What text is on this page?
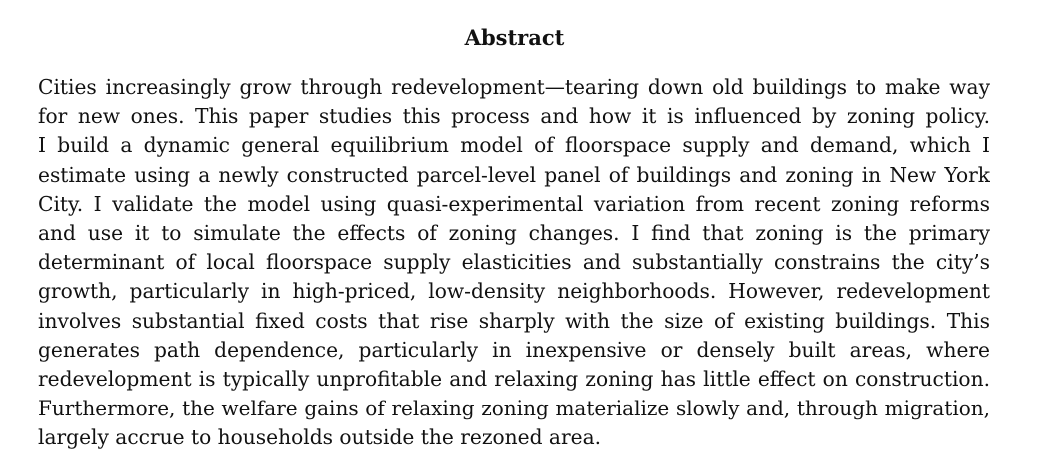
Abstract
Cities increasingly grow through redevelopment—tearing down old buildings to make way
for new ones. This paper studies this process and how it is influenced by zoning policy.
I build a dynamic general equilibrium model of floorspace supply and demand, which I
estimate using a newly constructed parcel-level panel of buildings and zoning in New York
City. I validate the model using quasi-experimental variation from recent zoning reforms
and use it to simulate the effects of zoning changes. I find that zoning is the primary
determinant of local floorspace supply elasticities and substantially constrains the city’s
growth, particularly in high-priced, low-density neighborhoods. However, redevelopment
involves substantial fixed costs that rise sharply with the size of existing buildings. This
generates path dependence, particularly in inexpensive or densely built areas, where
redevelopment is typically unprofitable and relaxing zoning has little effect on construction.
Furthermore, the welfare gains of relaxing zoning materialize slowly and, through migration,
largely accrue to households outside the rezoned area.
